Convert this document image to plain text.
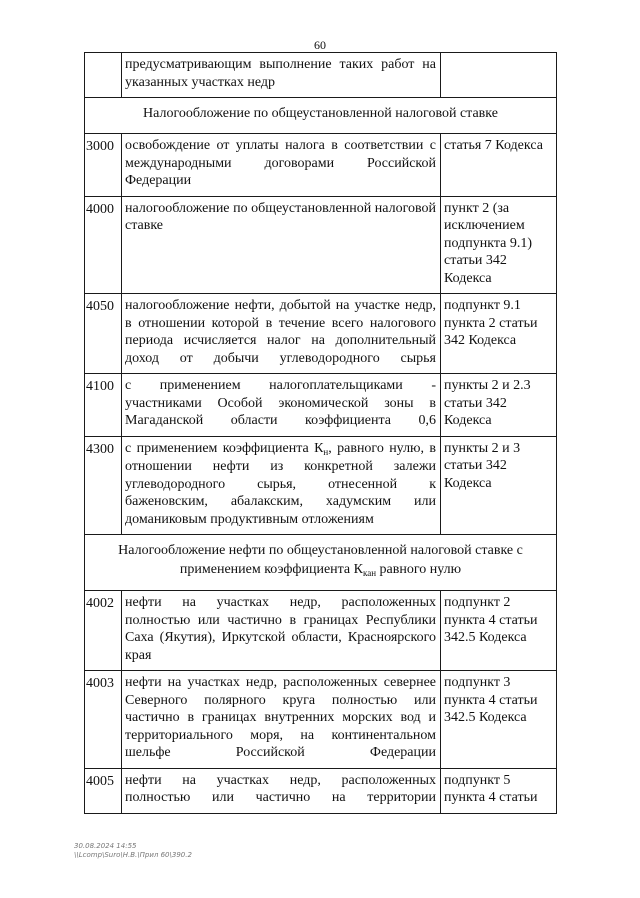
60
	предусматривающим выполнение таких работ на указанных участках недр	
Налогообложение по общеустановленной налоговой ставке		
3000	освобождение от уплаты налога в соответствии с международными договорами Российской Федерации	статья 7 Кодекса
4000	налогообложение по общеустановленной налоговой ставке	пункт 2 (за исключением подпункта 9.1) статьи 342 Кодекса
4050	налогообложение нефти, добытой на участке недр, в отношении которой в течение всего налогового периода исчисляется налог на дополнительный доход от добычи углеводородного сырья	подпункт 9.1 пункта 2 статьи 342 Кодекса
4100	с применением налогоплательщиками - участниками Особой экономической зоны в Магаданской области коэффициента 0,6	пункты 2 и 2.3 статьи 342 Кодекса
4300	с применением коэффициента $К_н$, равного нулю, в отношении нефти из конкретной залежи углеводородного сырья, отнесенной к баженовским, абалакским, хадумским или доманиковым продуктивным отложениям	пункты 2 и 3 статьи 342 Кодекса
Налогообложение нефти по общеустановленной налоговой ставке с применением коэффициента $К_{кан}$ равного нулю		
4002	нефти на участках недр, расположенных полностью или частично в границах Республики Саха (Якутия), Иркутской области, Красноярского края	подпункт 2 пункта 4 статьи 342.5 Кодекса
4003	нефти на участках недр, расположенных севернее Северного полярного круга полностью или частично в границах внутренних морских вод и территориального моря, на континентальном шельфе Российской Федерации	подпункт 3 пункта 4 статьи 342.5 Кодекса
4005	нефти на участках недр, расположенных полностью или частично на территории	подпункт 5 пункта 4 статьи
30.08.2024 14:55
\\Lcomp\Suro\Н.В.\Прил 60\390.2
